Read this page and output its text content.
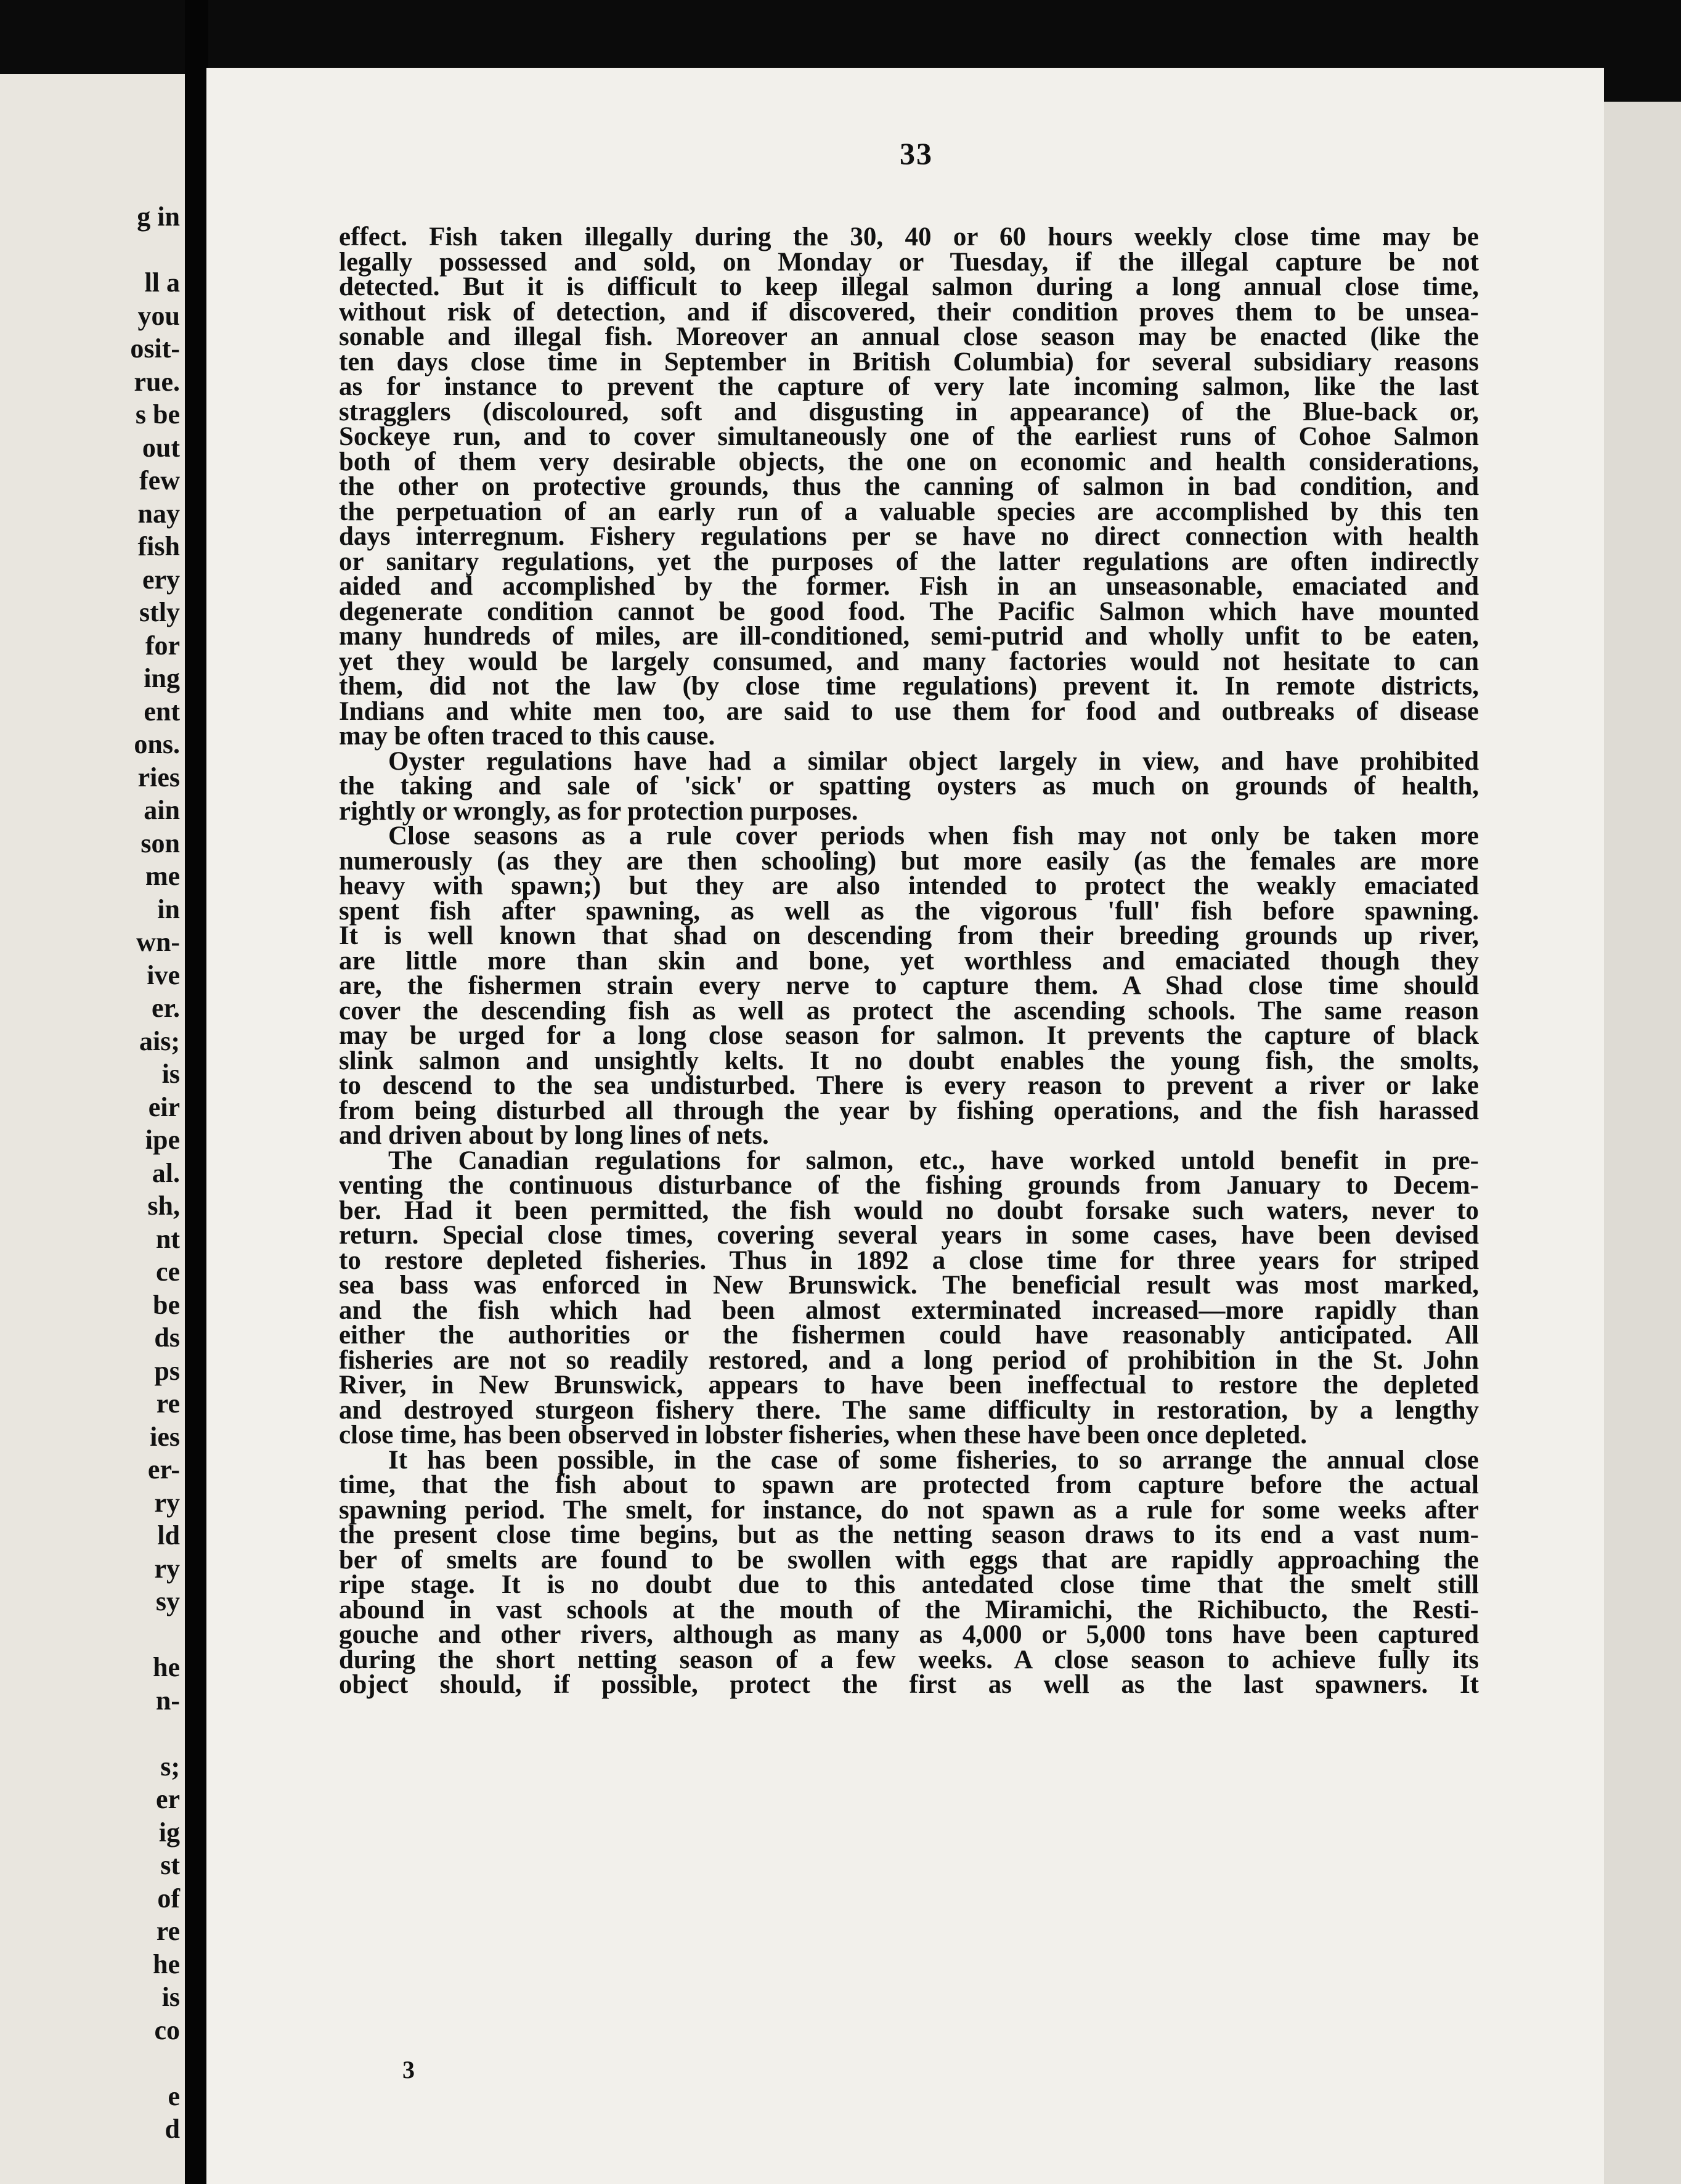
g in
ll a
you
osit-
rue.
s be
out
few
nay
fish
ery
stly
for
ing
ent
ons.
ries
ain
son
me
in
wn-
ive
er.
ais;
is
eir
ipe
al.
sh,
nt
ce
be
ds
ps
re
ies
er-
ry
ld
ry
sy
he
n-
s;
er
ig
st
of
re
he
is
co
e
d
33
effect. Fish taken illegally during the 30, 40 or 60 hours weekly close time may be
legally possessed and sold, on Monday or Tuesday, if the illegal capture be not
detected. But it is difficult to keep illegal salmon during a long annual close time,
without risk of detection, and if discovered, their condition proves them to be unsea-
sonable and illegal fish. Moreover an annual close season may be enacted (like the
ten days close time in September in British Columbia) for several subsidiary reasons
as for instance to prevent the capture of very late incoming salmon, like the last
stragglers (discoloured, soft and disgusting in appearance) of the Blue-back or,
Sockeye run, and to cover simultaneously one of the earliest runs of Cohoe Salmon
both of them very desirable objects, the one on economic and health considerations,
the other on protective grounds, thus the canning of salmon in bad condition, and
the perpetuation of an early run of a valuable species are accomplished by this ten
days interregnum. Fishery regulations per se have no direct connection with health
or sanitary regulations, yet the purposes of the latter regulations are often indirectly
aided and accomplished by the former. Fish in an unseasonable, emaciated and
degenerate condition cannot be good food. The Pacific Salmon which have mounted
many hundreds of miles, are ill-conditioned, semi-putrid and wholly unfit to be eaten,
yet they would be largely consumed, and many factories would not hesitate to can
them, did not the law (by close time regulations) prevent it. In remote districts,
Indians and white men too, are said to use them for food and outbreaks of disease
may be often traced to this cause.
Oyster regulations have had a similar object largely in view, and have prohibited
the taking and sale of 'sick' or spatting oysters as much on grounds of health,
rightly or wrongly, as for protection purposes.
Close seasons as a rule cover periods when fish may not only be taken more
numerously (as they are then schooling) but more easily (as the females are more
heavy with spawn;) but they are also intended to protect the weakly emaciated
spent fish after spawning, as well as the vigorous 'full' fish before spawning.
It is well known that shad on descending from their breeding grounds up river,
are little more than skin and bone, yet worthless and emaciated though they
are, the fishermen strain every nerve to capture them. A Shad close time should
cover the descending fish as well as protect the ascending schools. The same reason
may be urged for a long close season for salmon. It prevents the capture of black
slink salmon and unsightly kelts. It no doubt enables the young fish, the smolts,
to descend to the sea undisturbed. There is every reason to prevent a river or lake
from being disturbed all through the year by fishing operations, and the fish harassed
and driven about by long lines of nets.
The Canadian regulations for salmon, etc., have worked untold benefit in pre-
venting the continuous disturbance of the fishing grounds from January to Decem-
ber. Had it been permitted, the fish would no doubt forsake such waters, never to
return. Special close times, covering several years in some cases, have been devised
to restore depleted fisheries. Thus in 1892 a close time for three years for striped
sea bass was enforced in New Brunswick. The beneficial result was most marked,
and the fish which had been almost exterminated increased—more rapidly than
either the authorities or the fishermen could have reasonably anticipated. All
fisheries are not so readily restored, and a long period of prohibition in the St. John
River, in New Brunswick, appears to have been ineffectual to restore the depleted
and destroyed sturgeon fishery there. The same difficulty in restoration, by a lengthy
close time, has been observed in lobster fisheries, when these have been once depleted.
It has been possible, in the case of some fisheries, to so arrange the annual close
time, that the fish about to spawn are protected from capture before the actual
spawning period. The smelt, for instance, do not spawn as a rule for some weeks after
the present close time begins, but as the netting season draws to its end a vast num-
ber of smelts are found to be swollen with eggs that are rapidly approaching the
ripe stage. It is no doubt due to this antedated close time that the smelt still
abound in vast schools at the mouth of the Miramichi, the Richibucto, the Resti-
gouche and other rivers, although as many as 4,000 or 5,000 tons have been captured
during the short netting season of a few weeks. A close season to achieve fully its
object should, if possible, protect the first as well as the last spawners. It
3
